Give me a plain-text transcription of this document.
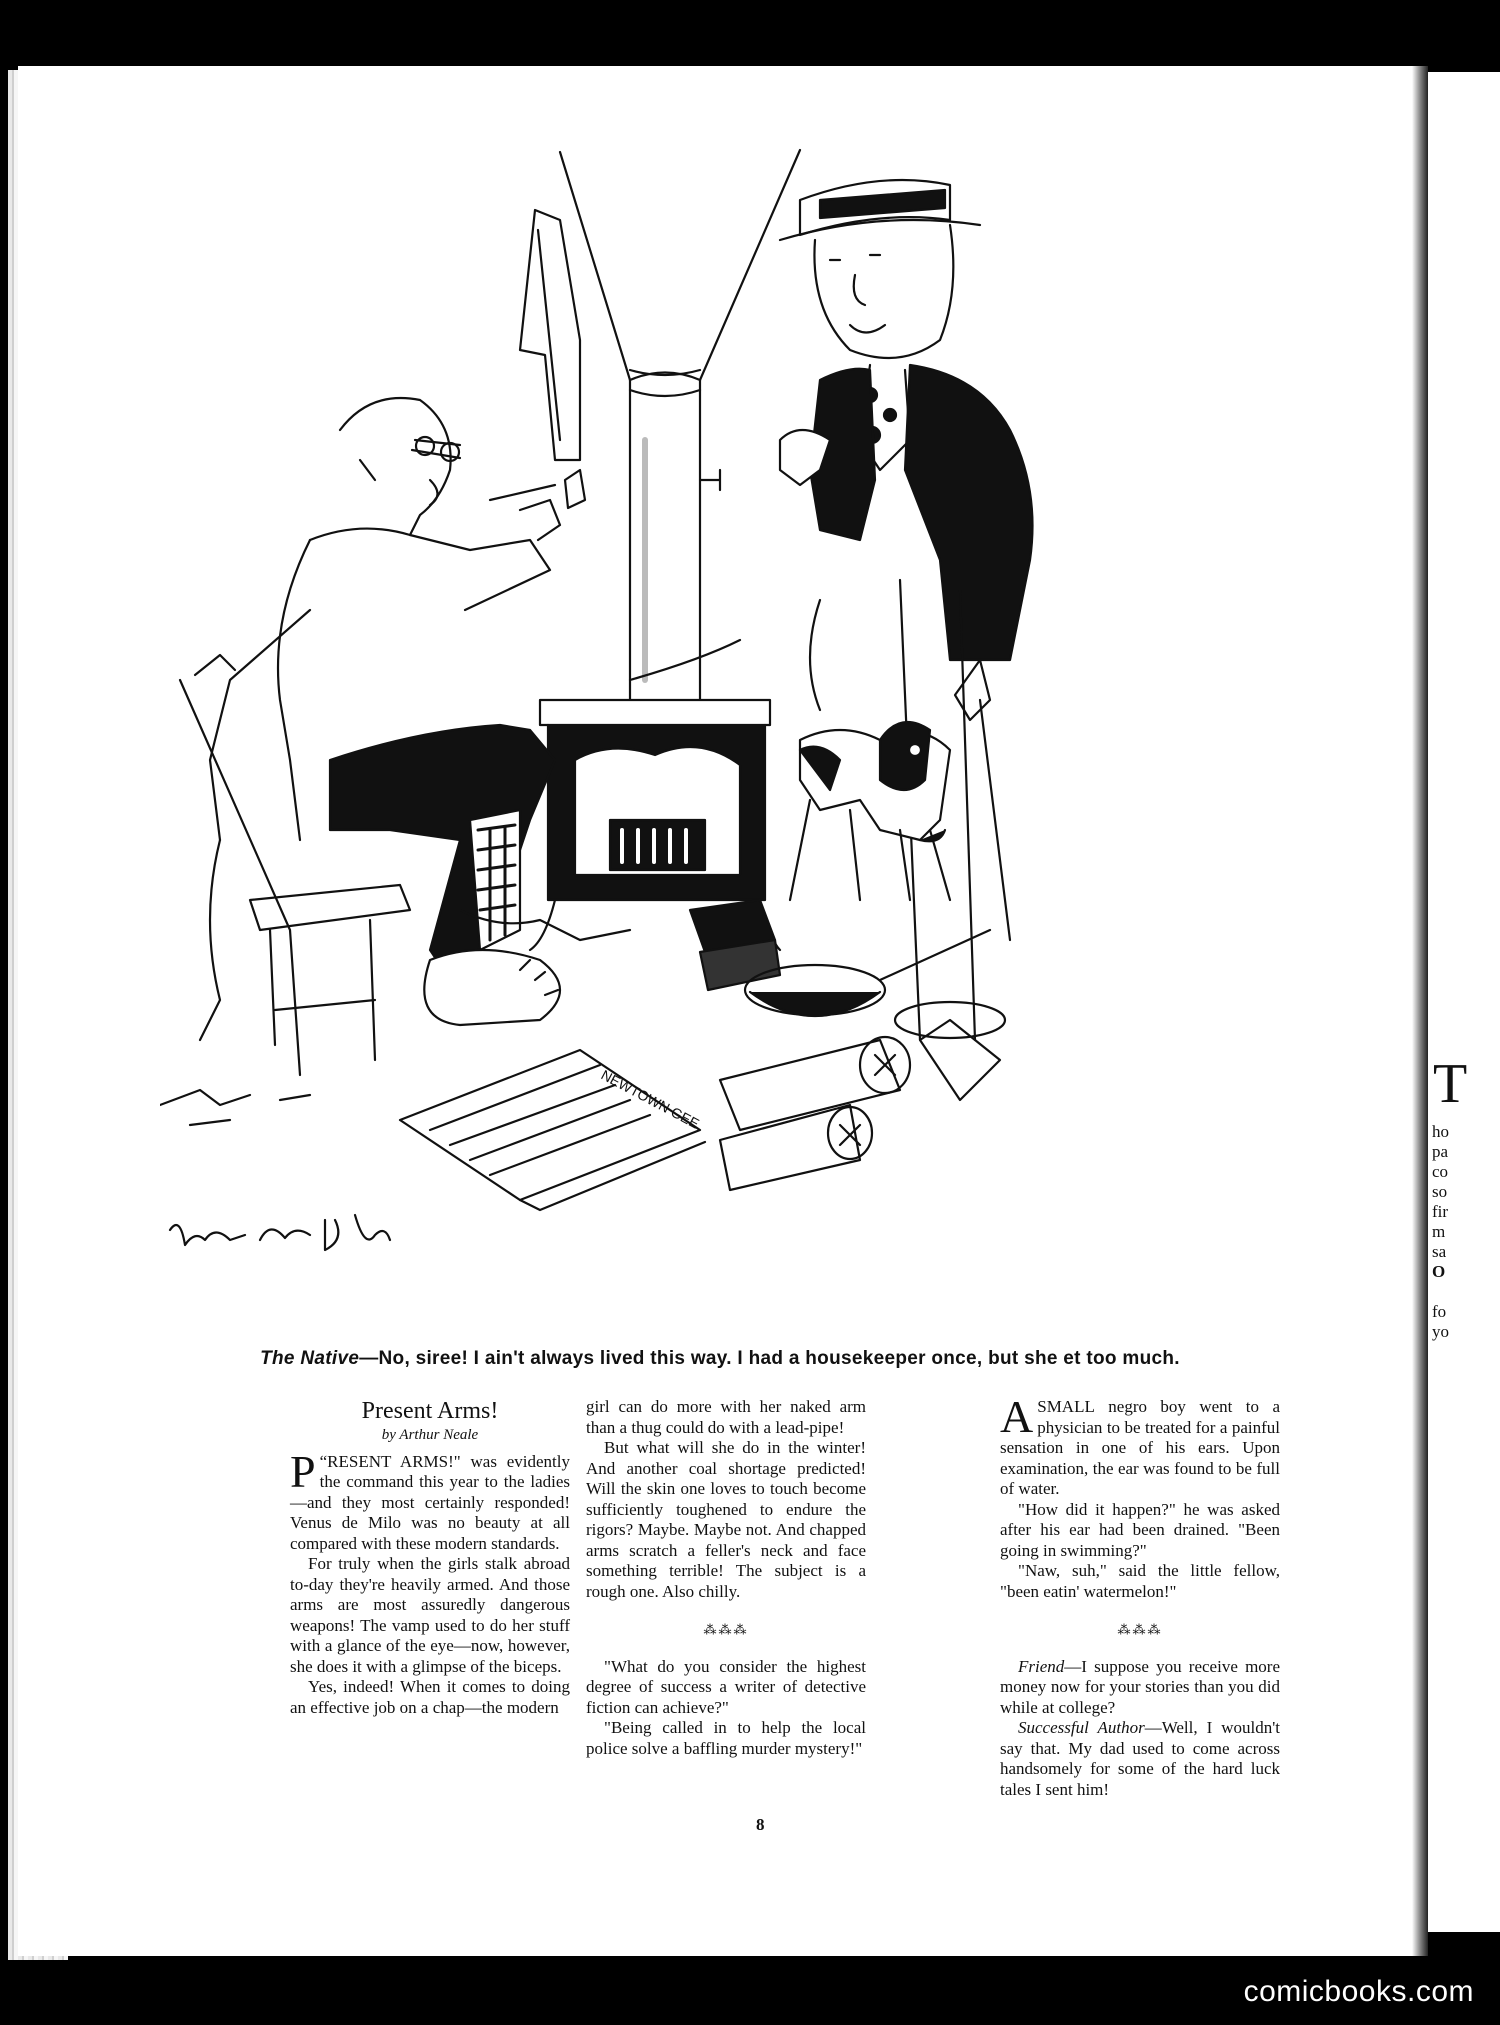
T
ho
pa
co
so
fir
m
sa
O

fo
yo
NEWTOWN GEE
The Native—No, siree! I ain't always lived this way. I had a housekeeper once, but she et too much.
Present Arms!
by Arthur Neale

“
P RESENT ARMS!" was evidently the command this year to the ladies—and they most certainly responded! Venus de Milo was no beauty at all compared with these modern standards.

For truly when the girls stalk abroad to-day they're heavily armed. And those arms are most assuredly dangerous weapons! The vamp used to do her stuff with a glance of the eye—now, however, she does it with a glimpse of the biceps.

Yes, indeed! When it comes to doing an effective job on a chap—the modern

girl can do more with her naked arm than a thug could do with a lead-pipe!

But what will she do in the winter! And another coal shortage predicted! Will the skin one loves to touch become sufficiently toughened to endure the rigors? Maybe. Maybe not. And chapped arms scratch a feller's neck and face something terrible! The subject is a rough one. Also chilly.

⁂⁂⁂

"What do you consider the highest degree of success a writer of detective fiction can achieve?"

"Being called in to help the local police solve a baffling murder mystery!"

ASMALL negro boy went to a physician to be treated for a painful sensation in one of his ears. Upon examination, the ear was found to be full of water.

"How did it happen?" he was asked after his ear had been drained. "Been going in swimming?"

"Naw, suh," said the little fellow, "been eatin' watermelon!"

⁂⁂⁂

Friend—I suppose you receive more money now for your stories than you did while at college?

Successful Author—Well, I wouldn't say that. My dad used to come across handsomely for some of the hard luck tales I sent him!

8
comicbooks.com
